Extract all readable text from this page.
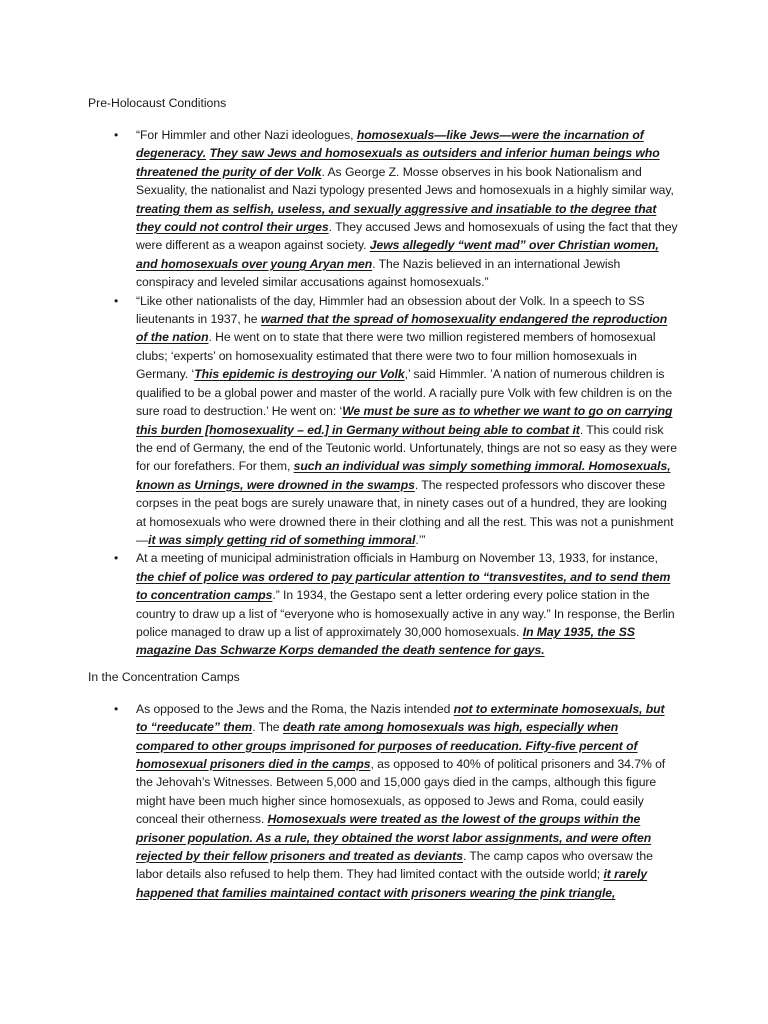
Pre-Holocaust Conditions

• “For Himmler and other Nazi ideologues, homosexuals—like Jews—were the incarnation of degeneracy. They saw Jews and homosexuals as outsiders and inferior human beings who threatened the purity of der Volk. As George Z. Mosse observes in his book Nationalism and Sexuality, the nationalist and Nazi typology presented Jews and homosexuals in a highly similar way, treating them as selfish, useless, and sexually aggressive and insatiable to the degree that they could not control their urges. They accused Jews and homosexuals of using the fact that they were different as a weapon against society. Jews allegedly “went mad” over Christian women, and homosexuals over young Aryan men. The Nazis believed in an international Jewish conspiracy and leveled similar accusations against homosexuals.”
• “Like other nationalists of the day, Himmler had an obsession about der Volk. In a speech to SS lieutenants in 1937, he warned that the spread of homosexuality endangered the reproduction of the nation. He went on to state that there were two million registered members of homosexual clubs; ‘experts’ on homosexuality estimated that there were two to four million homosexuals in Germany. ‘This epidemic is destroying our Volk,’ said Himmler. ’A nation of numerous children is qualified to be a global power and master of the world. A racially pure Volk with few children is on the sure road to destruction.’ He went on: ‘We must be sure as to whether we want to go on carrying this burden [homosexuality – ed.] in Germany without being able to combat it. This could risk the end of Germany, the end of the Teutonic world. Unfortunately, things are not so easy as they were for our forefathers. For them, such an individual was simply something immoral. Homosexuals, known as Urnings, were drowned in the swamps. The respected professors who discover these corpses in the peat bogs are surely unaware that, in ninety cases out of a hundred, they are looking at homosexuals who were drowned there in their clothing and all the rest. This was not a punishment—it was simply getting rid of something immoral.’”
• At a meeting of municipal administration officials in Hamburg on November 13, 1933, for instance, the chief of police was ordered to pay particular attention to “transvestites, and to send them to concentration camps.” In 1934, the Gestapo sent a letter ordering every police station in the country to draw up a list of “everyone who is homosexually active in any way.” In response, the Berlin police managed to draw up a list of approximately 30,000 homosexuals. In May 1935, the SS magazine Das Schwarze Korps demanded the death sentence for gays.

In the Concentration Camps

• As opposed to the Jews and the Roma, the Nazis intended not to exterminate homosexuals, but to “reeducate” them. The death rate among homosexuals was high, especially when compared to other groups imprisoned for purposes of reeducation. Fifty-five percent of homosexual prisoners died in the camps, as opposed to 40% of political prisoners and 34.7% of the Jehovah’s Witnesses. Between 5,000 and 15,000 gays died in the camps, although this figure might have been much higher since homosexuals, as opposed to Jews and Roma, could easily conceal their otherness. Homosexuals were treated as the lowest of the groups within the prisoner population. As a rule, they obtained the worst labor assignments, and were often rejected by their fellow prisoners and treated as deviants. The camp capos who oversaw the labor details also refused to help them. They had limited contact with the outside world; it rarely happened that families maintained contact with prisoners wearing the pink triangle,
